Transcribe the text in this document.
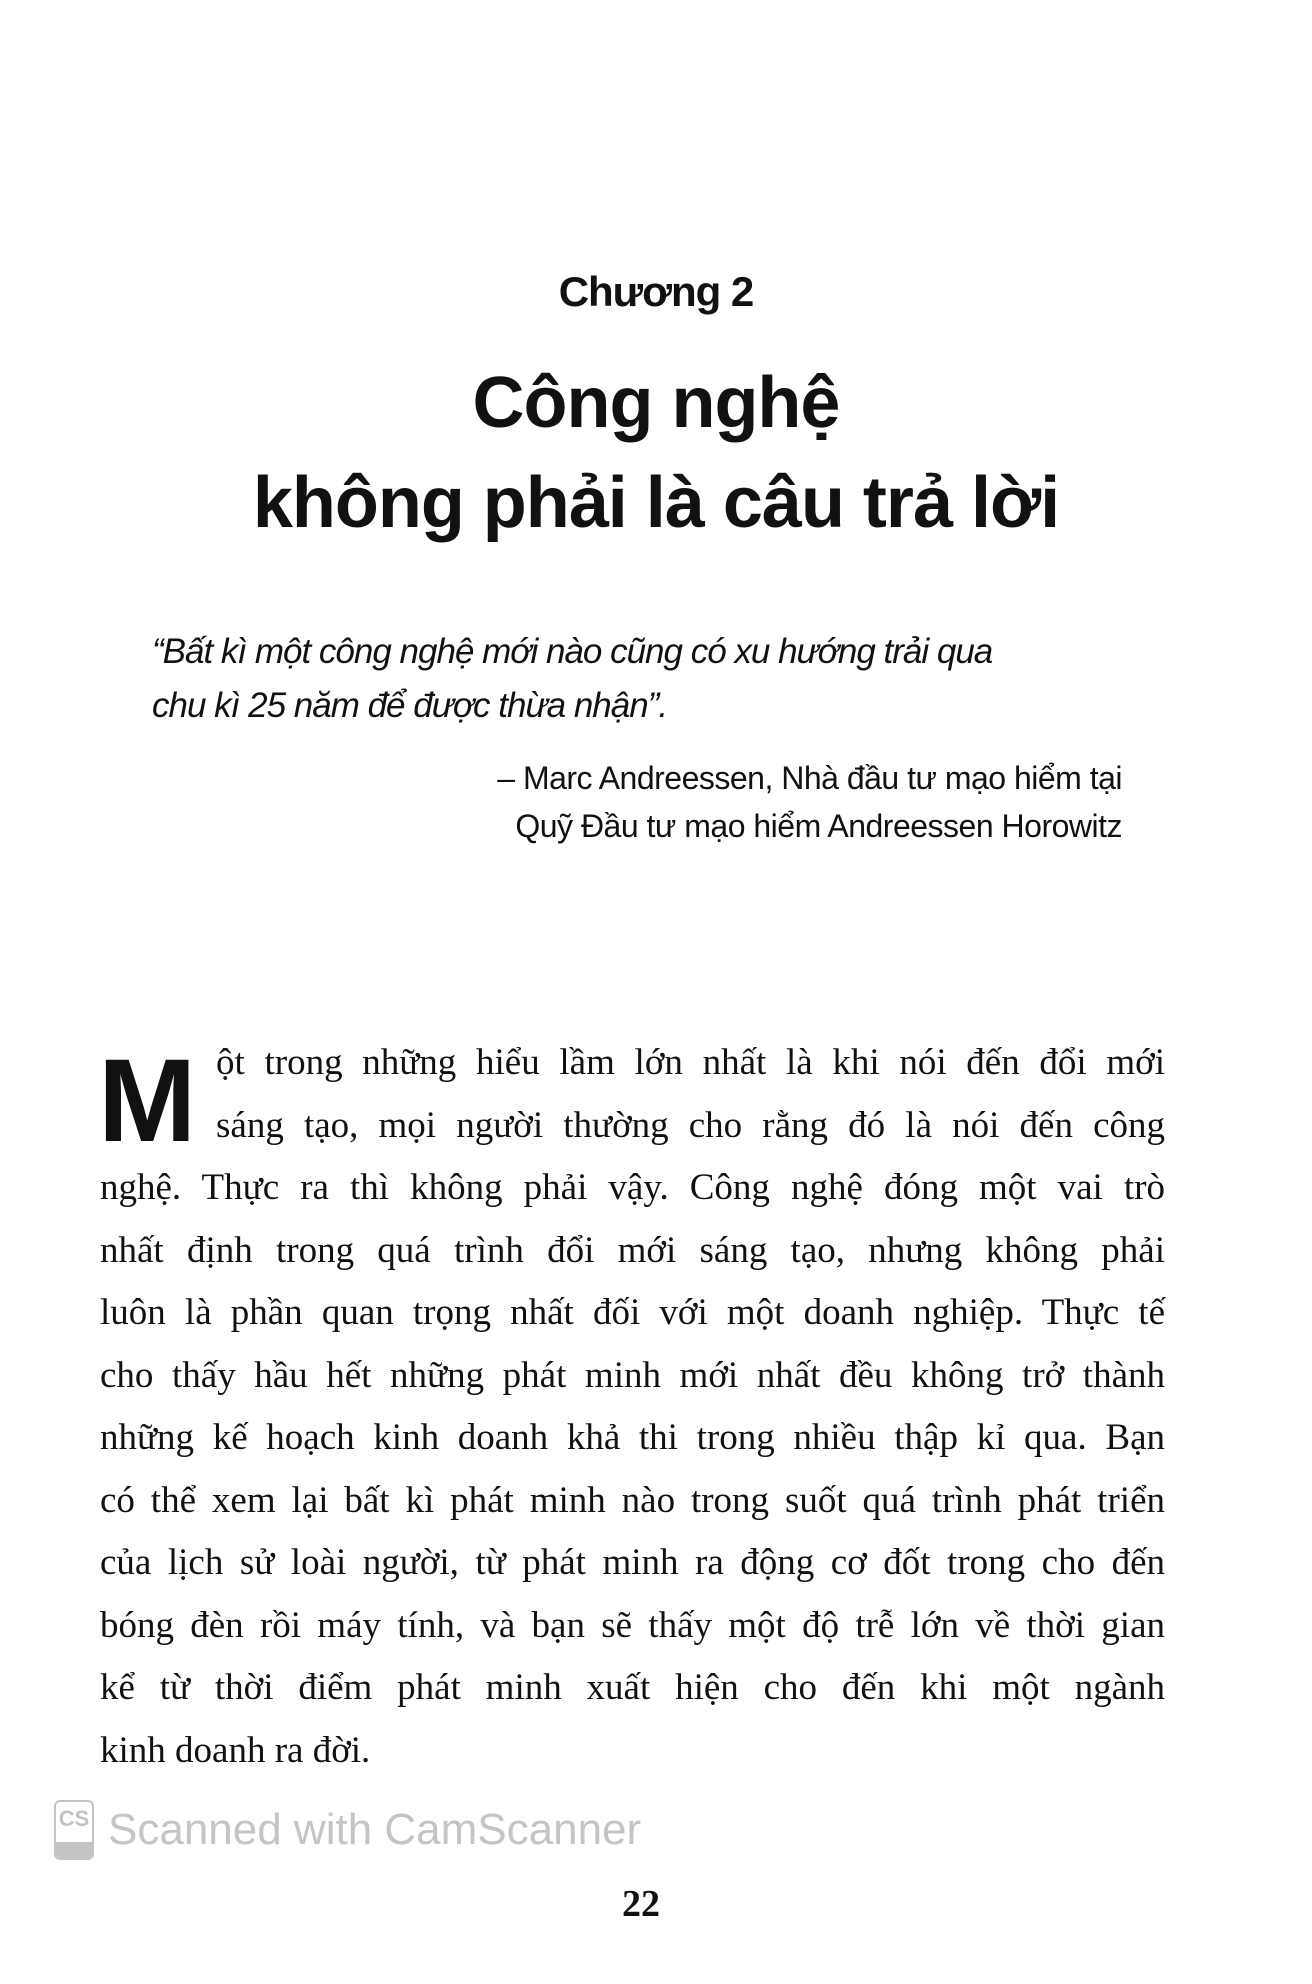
Chương 2
Công nghệ
không phải là câu trả lời
“Bất kì một công nghệ mới nào cũng có xu hướng trải qua
chu kì 25 năm để được thừa nhận”.
– Marc Andreessen, Nhà đầu tư mạo hiểm tại
Quỹ Đầu tư mạo hiểm Andreessen Horowitz
M ột trong những hiểu lầm lớn nhất là khi nói đến đổi mới
sáng tạo, mọi người thường cho rằng đó là nói đến công
nghệ. Thực ra thì không phải vậy. Công nghệ đóng một vai trò
nhất định trong quá trình đổi mới sáng tạo, nhưng không phải
luôn là phần quan trọng nhất đối với một doanh nghiệp. Thực tế
cho thấy hầu hết những phát minh mới nhất đều không trở thành
những kế hoạch kinh doanh khả thi trong nhiều thập kỉ qua. Bạn
có thể xem lại bất kì phát minh nào trong suốt quá trình phát triển
của lịch sử loài người, từ phát minh ra động cơ đốt trong cho đến
bóng đèn rồi máy tính, và bạn sẽ thấy một độ trễ lớn về thời gian
kể từ thời điểm phát minh xuất hiện cho đến khi một ngành
kinh doanh ra đời.
CS Scanned with CamScanner
22
